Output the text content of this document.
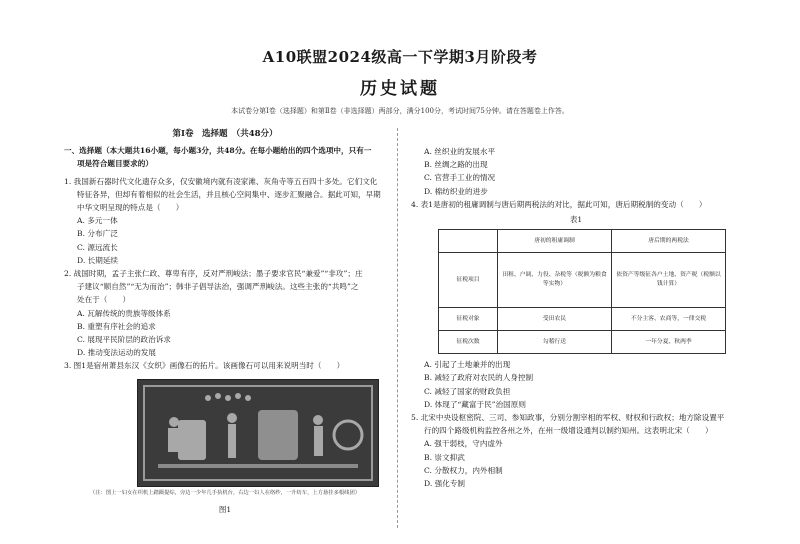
A10联盟2024级高一下学期3月阶段考
历史试题
本试卷分第Ⅰ卷（选择题）和第Ⅱ卷（非选择题）两部分，满分100分，考试时间75分钟。请在答题卷上作答。
第Ⅰ卷　选择题　（共48分）
一、选择题（本大题共16小题，每小题3分，共48分。在每小题给出的四个选项中，只有一
项是符合题目要求的）
1. 我国新石器时代文化遗存众多，仅安徽境内就有凌家滩、灰角寺等五百四十多处。它们文化
特征各异，但却有着相似的社会生活，并且核心空间集中、逐步汇聚融合。据此可知，早期
中华文明呈现的特点是（　　）
A. 多元一体
B. 分布广泛
C. 源远流长
D. 长期延续
2. 战国时期，孟子主张仁政、尊卑有序，反对严刑峻法；墨子要求官民“兼爱”“非攻”；庄
子建议“顺自然”“无为而治”；韩非子倡导法治，强调严刑峻法。这些主张的“共鸣”之
处在于（　　）
A. 瓦解传统的贵族等级体系
B. 重塑有序社会的追求
C. 展现平民阶层的政治诉求
D. 推动变法运动的发展
3. 图1是宿州萧县东汉《女织》画像石的拓片。该画像石可以用来说明当时（　　）
（注：图上一妇女在织机上踏蹑提综，旁边一少年几手执机台，右边一妇人在络纱，一升纺车，上方悬挂多根线团）
图1
A. 丝织业的发展水平
B. 丝绸之路的出现
C. 官营手工业的情况
D. 棉纺织业的进步
4. 表1是唐初的租庸调制与唐后期两税法的对比，据此可知，唐后期税制的变动（　　）
表1
	唐初的租庸调制	唐后期的两税法
征税项目	田租、户调、力役、杂税等（税额为粮食等实物）	依资产等级征各户土地、资产税（税额以钱计算）
征税对象	受田农民	不分主客、农商等，一律交税
征税次数	勾稽行送	一年分夏、秋两季
A. 引起了土地兼并的出现
B. 减轻了政府对农民的人身控制
C. 减轻了国家的财政负担
D. 体现了“藏富于民”治国原则
5. 北宋中央设枢密院、三司、参知政事，分别分割宰相的军权、财权和行政权；地方除设置平
行的四个路级机构监控各州之外，在州一级增设通判以制约知州。这表明北宋（　　）
A. 强干弱枝，守内虚外
B. 崇文抑武
C. 分散权力，内外相制
D. 强化专制
